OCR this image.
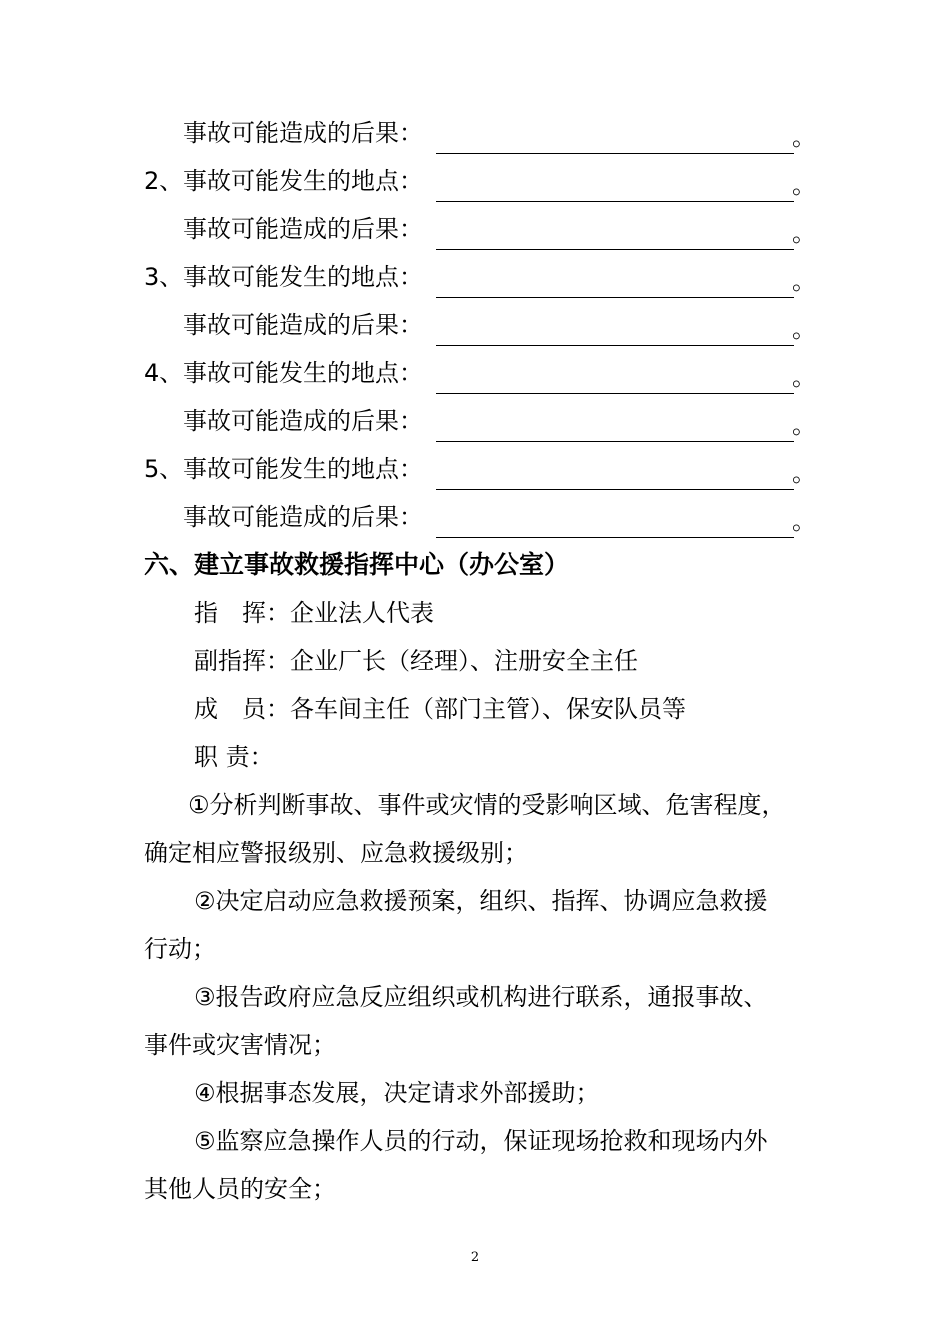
事故可能造成的后果：	。
2、 事故可能发生的地点：	。
事故可能造成的后果：	。
3、 事故可能发生的地点：	。
事故可能造成的后果：	。
4、 事故可能发生的地点：	。
事故可能造成的后果：	。
5、 事故可能发生的地点：	。
事故可能造成的后果：	。
六、建立事故救援指挥中心（办公室）
指　挥：企业法人代表
副指挥：企业厂长（经理）、注册安全主任
成　员：各车间主任（部门主管）、保安队员等
职 责：
①分析判断事故、事件或灾情的受影响区域、危害程度，
确定相应警报级别、应急救援级别；
②决定启动应急救援预案，组织、指挥、协调应急救援
行动；
③报告政府应急反应组织或机构进行联系，通报事故、
事件或灾害情况；
④根据事态发展，决定请求外部援助；
⑤监察应急操作人员的行动，保证现场抢救和现场内外
其他人员的安全；
2
